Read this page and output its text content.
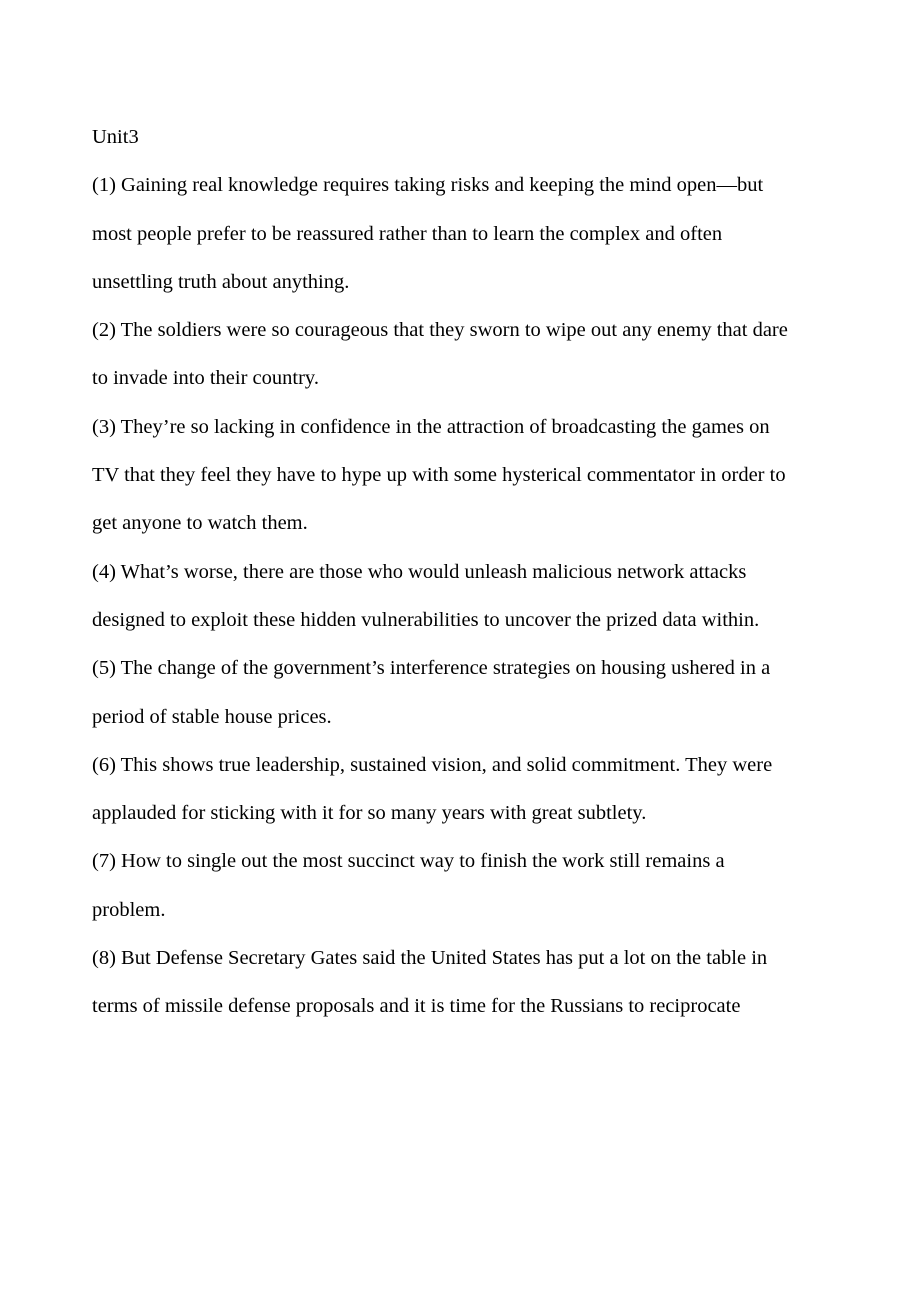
Unit3
(1) Gaining real knowledge requires taking risks and keeping the mind open—but
most people prefer to be reassured rather than to learn the complex and often
unsettling truth about anything.
(2) The soldiers were so courageous that they sworn to wipe out any enemy that dare
to invade into their country.
(3) They’re so lacking in confidence in the attraction of broadcasting the games on
TV that they feel they have to hype up with some hysterical commentator in order to
get anyone to watch them.
(4) What’s worse, there are those who would unleash malicious network attacks
designed to exploit these hidden vulnerabilities to uncover the prized data within.
(5) The change of the government’s interference strategies on housing ushered in a
period of stable house prices.
(6) This shows true leadership, sustained vision, and solid commitment. They were
applauded for sticking with it for so many years with great subtlety.
(7) How to single out the most succinct way to finish the work still remains a
problem.
(8) But Defense Secretary Gates said the United States has put a lot on the table in
terms of missile defense proposals and it is time for the Russians to reciprocate
